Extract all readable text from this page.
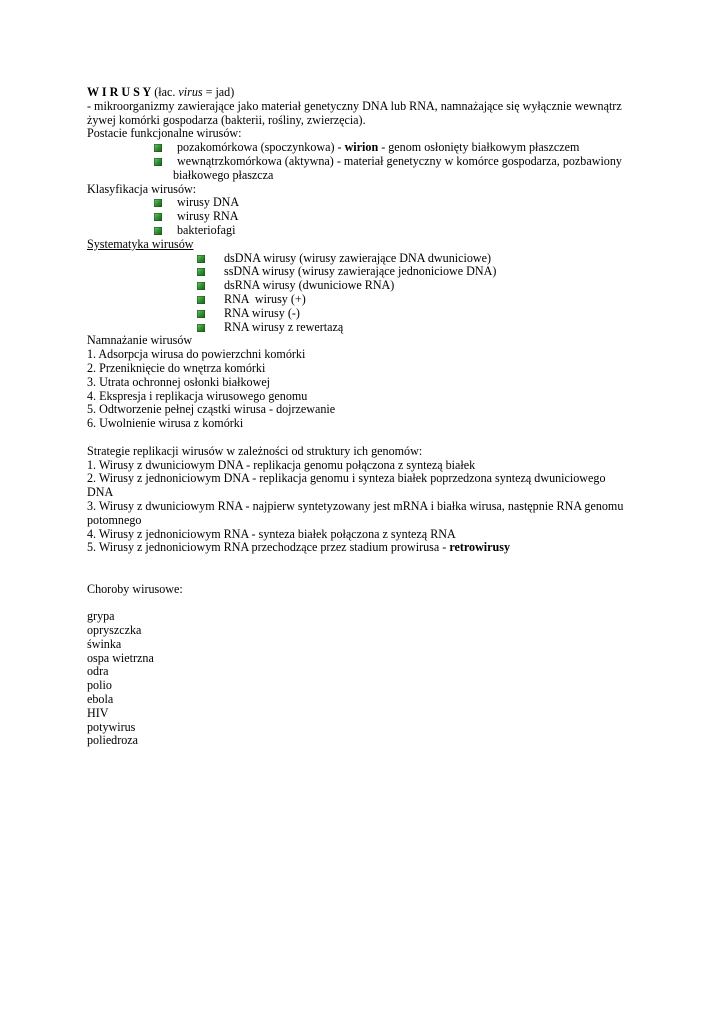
W I R U S Y (łac. virus = jad)
- mikroorganizmy zawierające jako materiał genetyczny DNA lub RNA, namnażające się wyłącznie wewnątrz żywej komórki gospodarza (bakterii, rośliny, zwierzęcia).
Postacie funkcjonalne wirusów:
pozakomórkowa (spoczynkowa) - wirion - genom osłonięty białkowym płaszczem
wewnątrzkomórkowa (aktywna) - materiał genetyczny w komórce gospodarza, pozbawiony
białkowego płaszcza
Klasyfikacja wirusów:
wirusy DNA
wirusy RNA
bakteriofagi
Systematyka wirusów
dsDNA wirusy (wirusy zawierające DNA dwuniciowe)
ssDNA wirusy (wirusy zawierające jednoniciowe DNA)
dsRNA wirusy (dwuniciowe RNA)
RNA  wirusy (+)
RNA wirusy (-)
RNA wirusy z rewertazą
Namnażanie wirusów
1. Adsorpcja wirusa do powierzchni komórki
2. Przeniknięcie do wnętrza komórki
3. Utrata ochronnej osłonki białkowej
4. Ekspresja i replikacja wirusowego genomu
5. Odtworzenie pełnej cząstki wirusa - dojrzewanie
6. Uwolnienie wirusa z komórki
Strategie replikacji wirusów w zależności od struktury ich genomów:
1. Wirusy z dwuniciowym DNA - replikacja genomu połączona z syntezą białek
2. Wirusy z jednoniciowym DNA - replikacja genomu i synteza białek poprzedzona syntezą dwuniciowego
DNA
3. Wirusy z dwuniciowym RNA - najpierw syntetyzowany jest mRNA i białka wirusa, następnie RNA genomu
potomnego
4. Wirusy z jednoniciowym RNA - synteza białek połączona z syntezą RNA
5. Wirusy z jednoniciowym RNA przechodzące przez stadium prowirusa - retrowirusy
Choroby wirusowe:
grypa
opryszczka
świnka
ospa wietrzna
odra
polio
ebola
HIV
potywirus
poliedroza
